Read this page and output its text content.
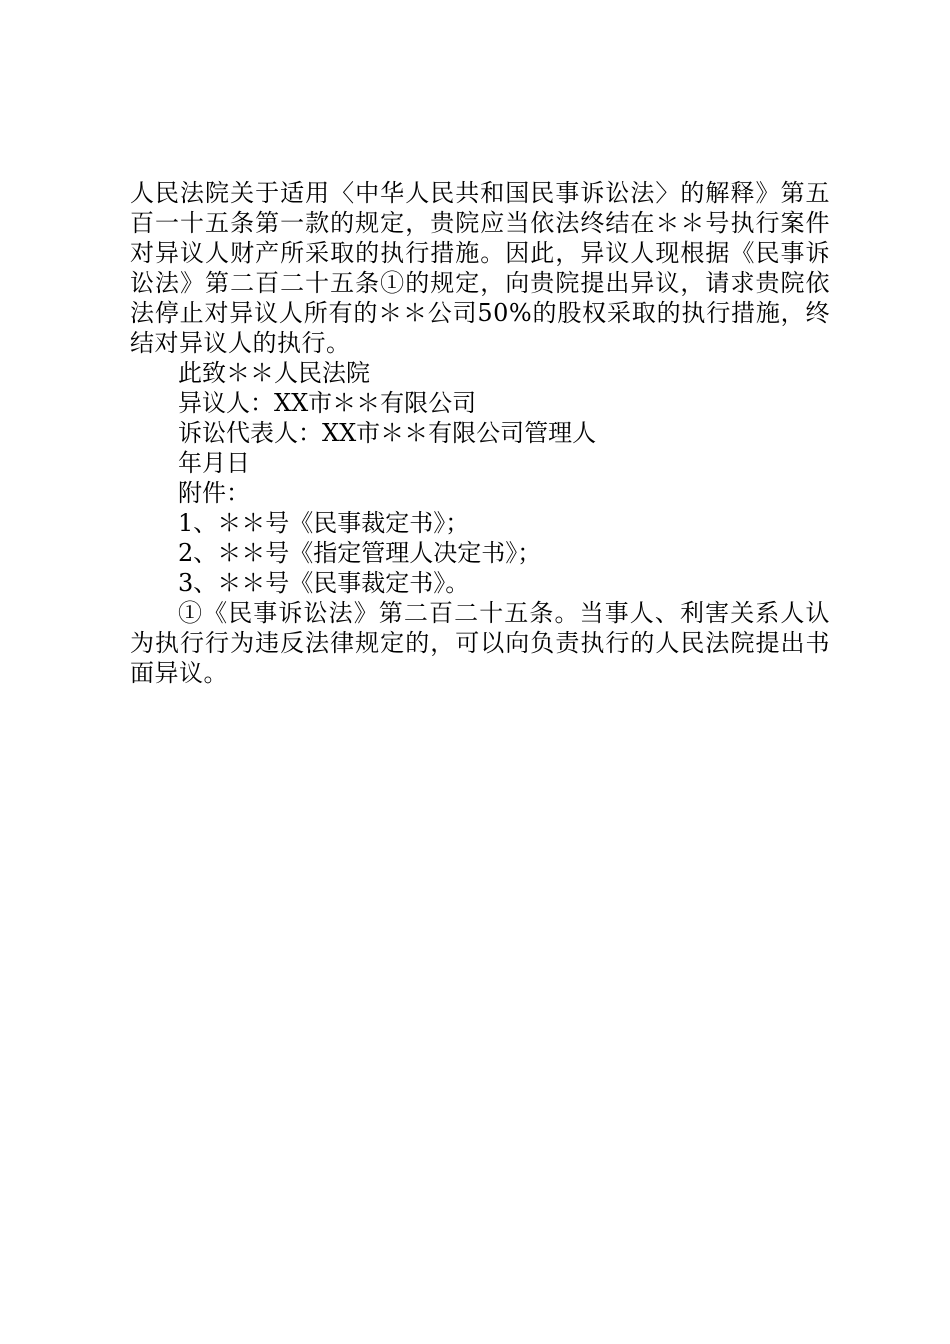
人民法院关于适用〈中华人民共和国民事诉讼法〉的解释》第五百一十五条第一款的规定，贵院应当依法终结在＊＊号执行案件对异议人财产所采取的执行措施。因此，异议人现根据《民事诉讼法》第二百二十五条①的规定，向贵院提出异议，请求贵院依法停止对异议人所有的＊＊公司50%的股权采取的执行措施，终结对异议人的执行。

此致＊＊人民法院

异议人：XX市＊＊有限公司

诉讼代表人：XX市＊＊有限公司管理人

年月日

附件：

1、＊＊号《民事裁定书》；

2、＊＊号《指定管理人决定书》；

3、＊＊号《民事裁定书》。

①《民事诉讼法》第二百二十五条。当事人、利害关系人认为执行行为违反法律规定的，可以向负责执行的人民法院提出书面异议。
